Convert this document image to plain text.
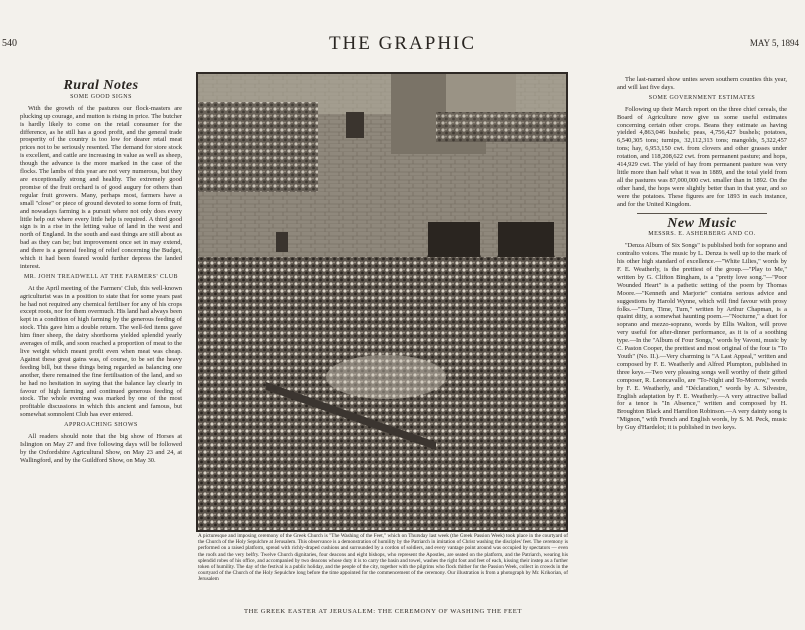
540	THE GRAPHIC	MAY 5, 1894
Rural Notes
SOME GOOD SIGNS

With the growth of the pastures our flock-masters are plucking up courage, and mutton is rising in price. The butcher is hardly likely to come on the retail consumer for the difference, as he still has a good profit, and the general trade prosperity of the country is too low for dearer retail meat prices not to be seriously resented. The demand for store stock is excellent, and cattle are increasing in value as well as sheep, though the advance is the more marked in the case of the flocks. The lambs of this year are not very numerous, but they are exceptionally strong and healthy. The extremely good promise of the fruit orchard is of good augury for others than regular fruit growers. Many, perhaps most, farmers have a small "close" or piece of ground devoted to some form of fruit, and nowadays farming is a pursuit where not only does every little help out where every little help is required. A third good sign is in a rise in the letting value of land in the west and north of England. In the south and east things are still about as bad as they can be; but improvement once set in may extend, and there is a general feeling of relief concerning the Budget, which it had been feared would further depress the landed interest.

MR. JOHN TREADWELL AT THE FARMERS' CLUB

At the April meeting of the Farmers' Club, this well-known agriculturist was in a position to state that for some years past he had not required any chemical fertiliser for any of his crops except roots, nor for them overmuch. His land had always been kept in a condition of high farming by the generous feeding of stock. This gave him a double return. The well-fed items gave him finer sheep, the dairy shorthorns yielded splendid yearly averages of milk, and soon reached a proportion of meat to the live weight which meant profit even when meat was cheap. Against these great gains was, of course, to be set the heavy feeding bill, but these things being regarded as balancing one another, there remained the fine fertilisation of the land, and so he had no hesitation in saying that the balance lay clearly in favour of high farming and continued generous feeding of stock. The whole evening was marked by one of the most profitable discussions in which this ancient and famous, but somewhat somnolent Club has ever entered.

APPROACHING SHOWS

All readers should note that the big show of Horses at Islington on May 27 and five following days will be followed by the Oxfordshire Agricultural Show, on May 23 and 24, at Wallingford, and by the Guildford Show, on May 30.

A picturesque and imposing ceremony of the Greek Church is "The Washing of the Feet," which on Thursday last week (the Greek Passion Week) took place in the courtyard of the Church of the Holy Sepulchre at Jerusalem. This observance is a demonstration of humility by the Patriarch in imitation of Christ washing the disciples' feet. The ceremony is performed on a raised platform, spread with richly-draped cushions and surrounded by a cordon of soldiers, and every vantage point around was occupied by spectators — even the roofs and the very belfry. Twelve Church dignitaries, four deacons and eight bishops, who represent the Apostles, are seated on the platform, and the Patriarch, wearing his splendid robes of his office, and accompanied by two deacons whose duty it is to carry the basin and towel, washes the right foot and feet of each, kissing their instep as a further token of humility. The day of the festival is a public holiday, and the people of the city, together with the pilgrims who flock thither for the Passion Week, collect in crowds in the courtyard of the Church of the Holy Sepulchre long before the time appointed for the commencement of the ceremony. Our illustration is from a photograph by Mr. Krikorian, of Jerusalem
THE GREEK EASTER AT JERUSALEM: THE CEREMONY OF WASHING THE FEET

The last-named show unites seven southern counties this year, and will last five days.

SOME GOVERNMENT ESTIMATES

Following up their March report on the three chief cereals, the Board of Agriculture now give us some useful estimates concerning certain other crops. Beans they estimate as having yielded 4,863,046 bushels; peas, 4,756,427 bushels; potatoes, 6,540,305 tons; turnips, 32,112,313 tons; mangolds, 5,322,457 tons; hay, 6,953,150 cwt. from clovers and other grasses under rotation, and 118,208,622 cwt. from permanent pasture; and hops, 414,929 cwt. The yield of hay from permanent pasture was very little more than half what it was in 1889, and the total yield from all the pastures was 87,000,000 cwt. smaller than in 1892. On the other hand, the hops were slightly better than in that year, and so were the potatoes. These figures are for 1893 in each instance, and for the United Kingdom.

New Music
MESSRS. E. ASHERBERG AND CO.

"Denza Album of Six Songs" is published both for soprano and contralto voices. The music by L. Denza is well up to the mark of his other high standard of excellence.—"White Lilies," words by F. E. Weatherly, is the prettiest of the group.—"Play to Me," written by G. Clifton Bingham, is a "pretty love song."—"Poor Wounded Heart" is a pathetic setting of the poem by Thomas Moore.—"Kenneth and Marjorie" contains serious advice and suggestions by Harold Wynne, which will find favour with prosy folks.—"Turn, Time, Turn," written by Arthur Chapman, is a quaint ditty, a somewhat haunting poem.—"Nocturne," a duet for soprano and mezzo-soprano, words by Ellis Walton, will prove very useful for after-dinner performance, as it is of a soothing type.—In the "Album of Four Songs," words by Vavoni, music by C. Paston Cooper, the prettiest and most original of the four is "To Youth" (No. II.).—Very charming is "A Last Appeal," written and composed by F. E. Weatherly and Alfred Plumpton, published in three keys.—Two very pleasing songs well worthy of their gifted composer, R. Leoncavallo, are "To-Night and To-Morrow," words by F. E. Weatherly, and "Déclaration," words by A. Silvestre, English adaptation by F. E. Weatherly.—A very attractive ballad for a tenor is "In Absence," written and composed by H. Broughton Black and Hamilton Robinson.—A very dainty song is "Mignon," with French and English words, by S. M. Peck, music by Guy d'Hardelot; it is published in two keys.
